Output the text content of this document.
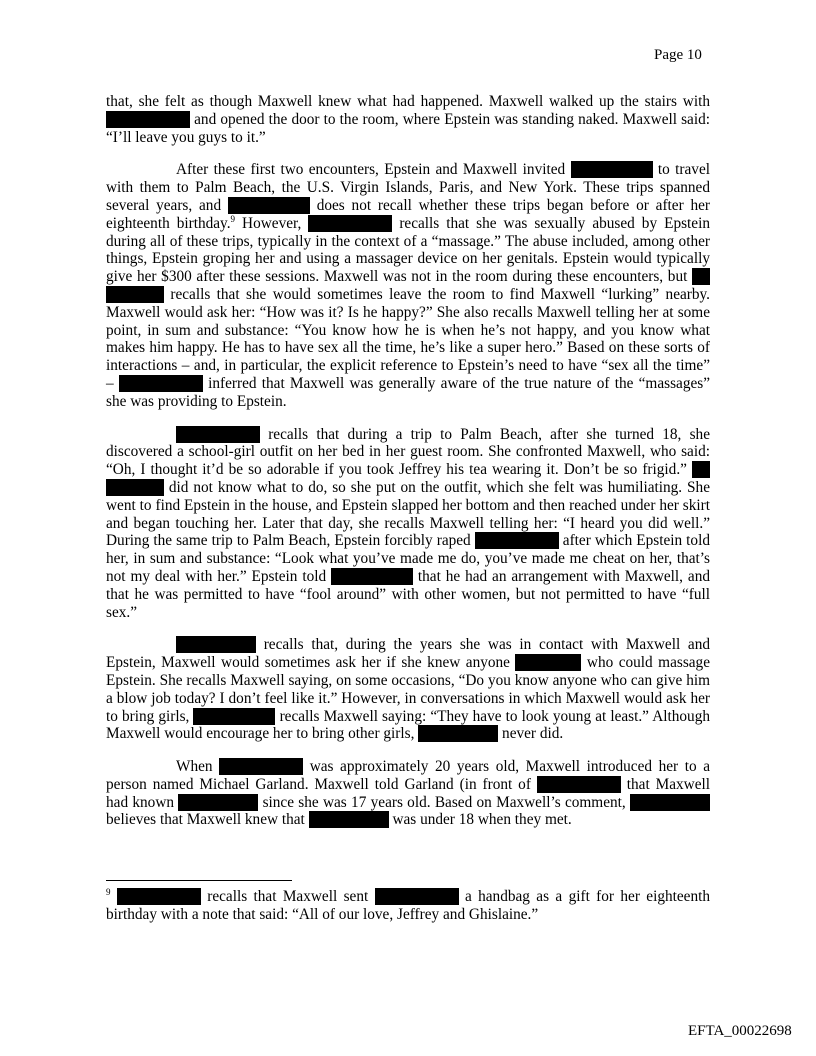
Page 10

that, she felt as though Maxwell knew what had happened. Maxwell walked up the stairs with  and opened the door to the room, where Epstein was standing naked. Maxwell said: “I’ll leave you guys to it.”

After these first two encounters, Epstein and Maxwell invited	to travel with them to Palm Beach, the U.S. Virgin Islands, Paris, and New York. These trips spanned several years, and	does not recall whether these trips began before or after her eighteenth birthday.$^9$ However,	recalls that she was sexually abused by Epstein during all of these trips, typically in the context of a “massage.” The abuse included, among other things, Epstein groping her and using a massager device on her genitals. Epstein would typically give her $300 after these sessions. Maxwell was not in the room during these encounters, but   recalls that she would sometimes leave the room to find Maxwell “lurking” nearby. Maxwell would ask her: “How was it? Is he happy?” She also recalls Maxwell telling her at some point, in sum and substance: “You know how he is when he’s not happy, and you know what makes him happy. He has to have sex all the time, he’s like a super hero.” Based on these sorts of interactions – and, in particular, the explicit reference to Epstein’s need to have “sex all the time” –	inferred that Maxwell was generally aware of the true nature of the “massages” she was providing to Epstein.

recalls that during a trip to Palm Beach, after she turned 18, she discovered a school-girl outfit on her bed in her guest room. She confronted Maxwell, who said: “Oh, I thought it’d be so adorable if you took Jeffrey his tea wearing it. Don’t be so frigid.”   did not know what to do, so she put on the outfit, which she felt was humiliating. She went to find Epstein in the house, and Epstein slapped her bottom and then reached under her skirt and began touching her. Later that day, she recalls Maxwell telling her: “I heard you did well.” During the same trip to Palm Beach, Epstein forcibly raped	after which Epstein told her, in sum and substance: “Look what you’ve made me do, you’ve made me cheat on her, that’s not my deal with her.” Epstein told	that he had an arrangement with Maxwell, and that he was permitted to have “fool around” with other women, but not permitted to have “full sex.”

recalls that, during the years she was in contact with Maxwell and Epstein, Maxwell would sometimes ask her if she knew anyone	who could massage Epstein. She recalls Maxwell saying, on some occasions, “Do you know anyone who can give him a blow job today? I don’t feel like it.” However, in conversations in which Maxwell would ask her to bring girls,	recalls Maxwell saying: “They have to look young at least.” Although Maxwell would encourage her to bring other girls,	never did.

When	was approximately 20 years old, Maxwell introduced her to a person named Michael Garland. Maxwell told Garland (in front of	that Maxwell had known	since she was 17 years old. Based on Maxwell’s comment,  believes that Maxwell knew that	was under 18 when they met.

$^9$	recalls that Maxwell sent	a handbag as a gift for her eighteenth birthday with a note that said: “All of our love, Jeffrey and Ghislaine.”
EFTA_00022698
